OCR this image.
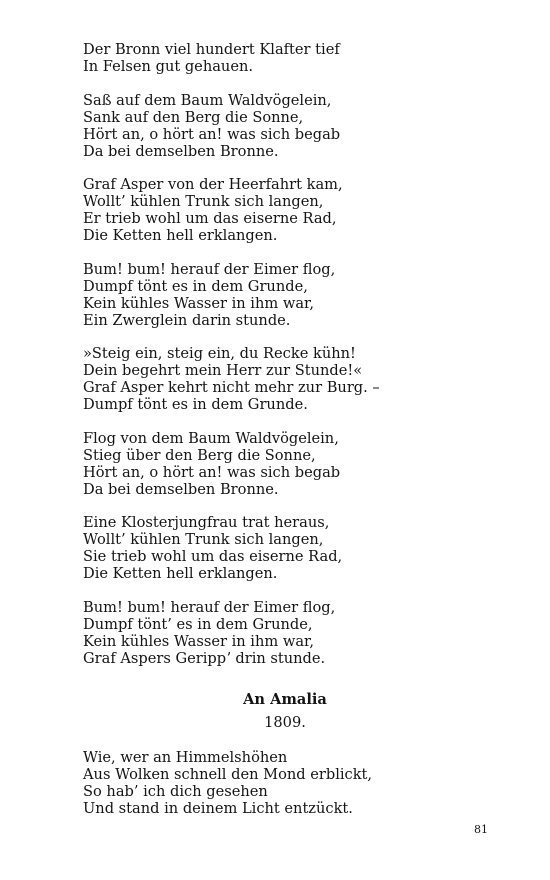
Der Bronn viel hundert Klafter tief
In Felsen gut gehauen.
Saß auf dem Baum Waldvögelein,
Sank auf den Berg die Sonne,
Hört an, o hört an! was sich begab
Da bei demselben Bronne.
Graf Asper von der Heerfahrt kam,
Wollt’ kühlen Trunk sich langen,
Er trieb wohl um das eiserne Rad,
Die Ketten hell erklangen.
Bum! bum! herauf der Eimer flog,
Dumpf tönt es in dem Grunde,
Kein kühles Wasser in ihm war,
Ein Zwerglein darin stunde.
»Steig ein, steig ein, du Recke kühn!
Dein begehrt mein Herr zur Stunde!«
Graf Asper kehrt nicht mehr zur Burg. –
Dumpf tönt es in dem Grunde.
Flog von dem Baum Waldvögelein,
Stieg über den Berg die Sonne,
Hört an, o hört an! was sich begab
Da bei demselben Bronne.
Eine Klosterjungfrau trat heraus,
Wollt’ kühlen Trunk sich langen,
Sie trieb wohl um das eiserne Rad,
Die Ketten hell erklangen.
Bum! bum! herauf der Eimer flog,
Dumpf tönt’ es in dem Grunde,
Kein kühles Wasser in ihm war,
Graf Aspers Gerippʼ drin stunde.
An Amalia
1809.
Wie, wer an Himmelshöhen
Aus Wolken schnell den Mond erblickt,
So hab’ ich dich gesehen
Und stand in deinem Licht entzückt.
81
